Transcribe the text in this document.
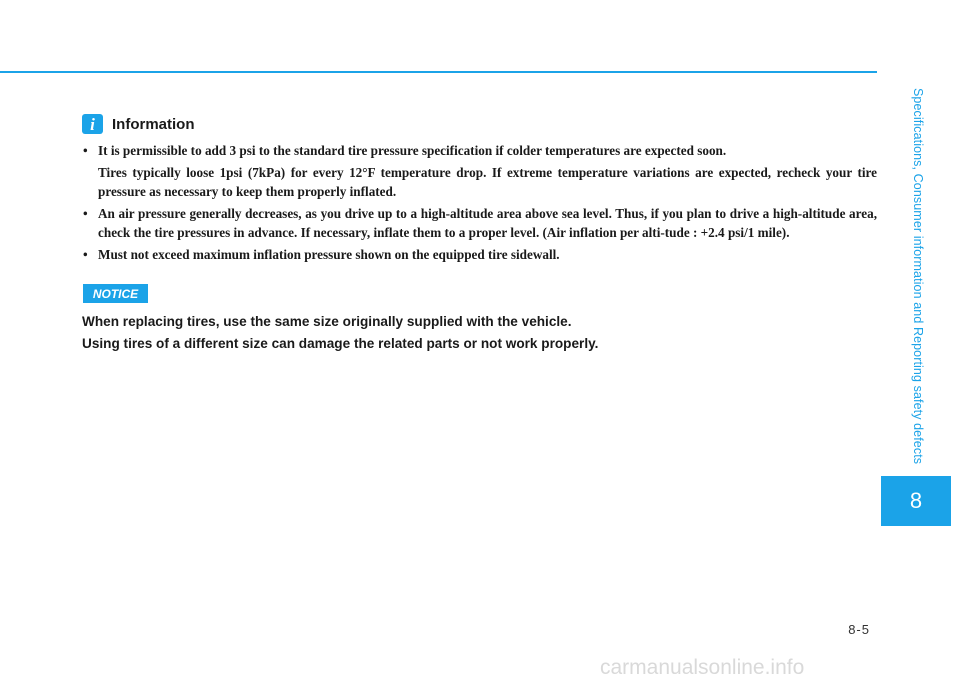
Specifications, Consumer information and Reporting safety defects
8
i	Information
• It is permissible to add 3 psi to the standard tire pressure specification if colder temperatures are expected soon.
Tires typically loose 1psi (7kPa) for every 12°F temperature drop. If extreme temperature variations are expected, recheck your tire pressure as necessary to keep them properly inflated.
• An air pressure generally decreases, as you drive up to a high-altitude area above sea level. Thus, if you plan to drive a high-altitude area, check the tire pressures in advance. If necessary, inflate them to a proper level. (Air inflation per alti-tude : +2.4 psi/1 mile).
• Must not exceed maximum inflation pressure shown on the equipped tire sidewall.
NOTICE

When replacing tires, use the same size originally supplied with the vehicle.

Using tires of a different size can damage the related parts or not work properly.

8-5
carmanualsonline.info
